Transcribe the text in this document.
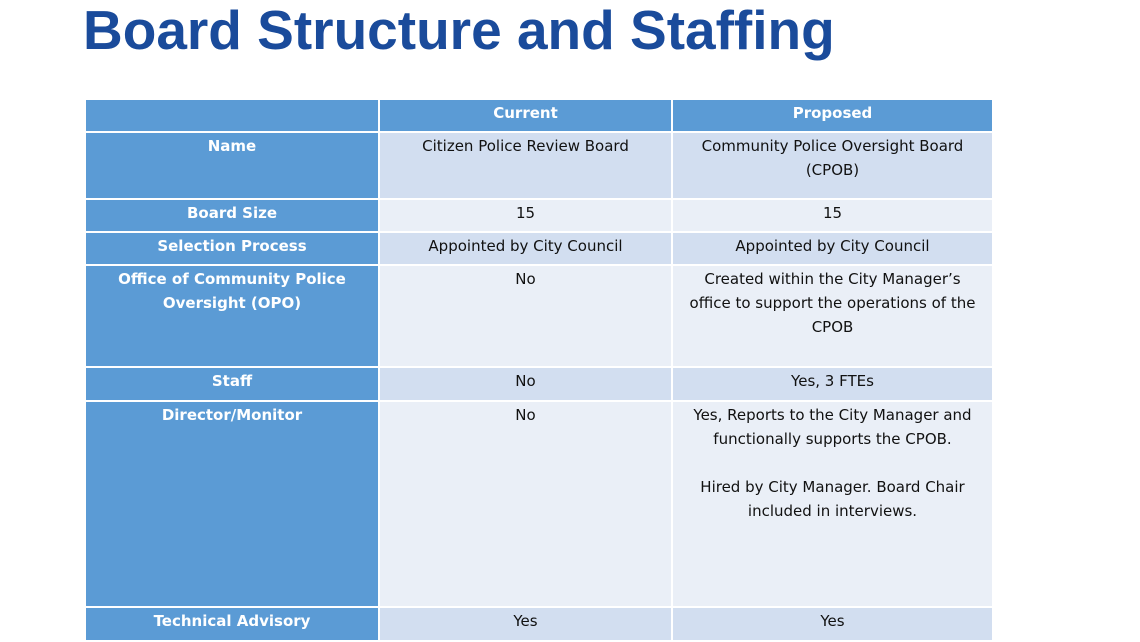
Board Structure and Staffing
	Current	Proposed

Name	Citizen Police Review Board	Community Police Oversight Board
(CPOB)

Board Size	15	15

Selection Process	Appointed by City Council	Appointed by City Council

Office of Community Police
Oversight (OPO)	No	Created within the City Manager’s
office to support the operations of the
CPOB

Staff	No	Yes, 3 FTEs

Director/Monitor	No	Yes, Reports to the City Manager and
functionally supports the CPOB.
Hired by City Manager. Board Chair
included in interviews.

Technical Advisory	Yes	Yes
